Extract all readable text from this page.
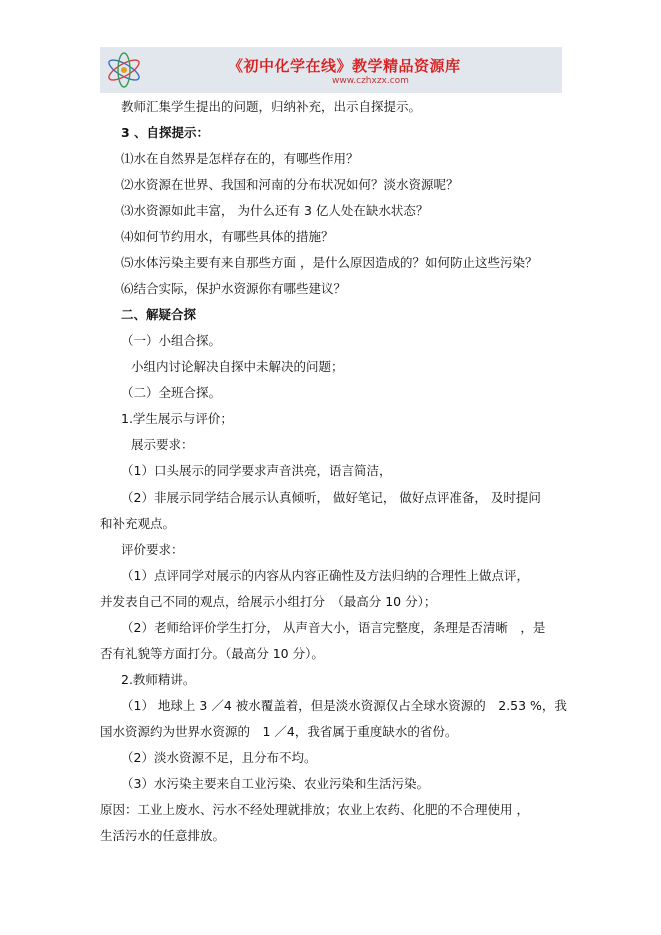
《初中化学在线》教学精品资源库
www.czhxzx.com
教师汇集学生提出的问题，归纳补充，出示自探提示。
3 、自探提示：
⑴水在自然界是怎样存在的，有哪些作用？
⑵水资源在世界、我国和河南的分布状况如何？淡水资源呢？
⑶水资源如此丰富， 为什么还有 3 亿人处在缺水状态？
⑷如何节约用水，有哪些具体的措施？
⑸水体污染主要有来自那些方面 ，是什么原因造成的？如何防止这些污染？
⑹结合实际，保护水资源你有哪些建议？
二、解疑合探
（一）小组合探。
小组内讨论解决自探中未解决的问题；
（二）全班合探。
1.学生展示与评价；
展示要求：
（1）口头展示的同学要求声音洪亮，语言简洁，
（2）非展示同学结合展示认真倾听， 做好笔记， 做好点评准备， 及时提问
和补充观点。
评价要求：
（1）点评同学对展示的内容从内容正确性及方法归纳的合理性上做点评，
并发表自己不同的观点，给展示小组打分　（最高分 10 分）；
（2）老师给评价学生打分， 从声音大小，语言完整度，条理是否清晰　，是
否有礼貌等方面打分。（最高分 10 分）。
2.教师精讲。
（1） 地球上 3 ／4 被水覆盖着，但是淡水资源仅占全球水资源的　2.53 %，我
国水资源约为世界水资源的　1 ／4，我省属于重度缺水的省份。
（2）淡水资源不足，且分布不均。
（3）水污染主要来自工业污染、农业污染和生活污染。
原因：工业上废水、污水不经处理就排放；农业上农药、化肥的不合理使用 ，
生活污水的任意排放。
